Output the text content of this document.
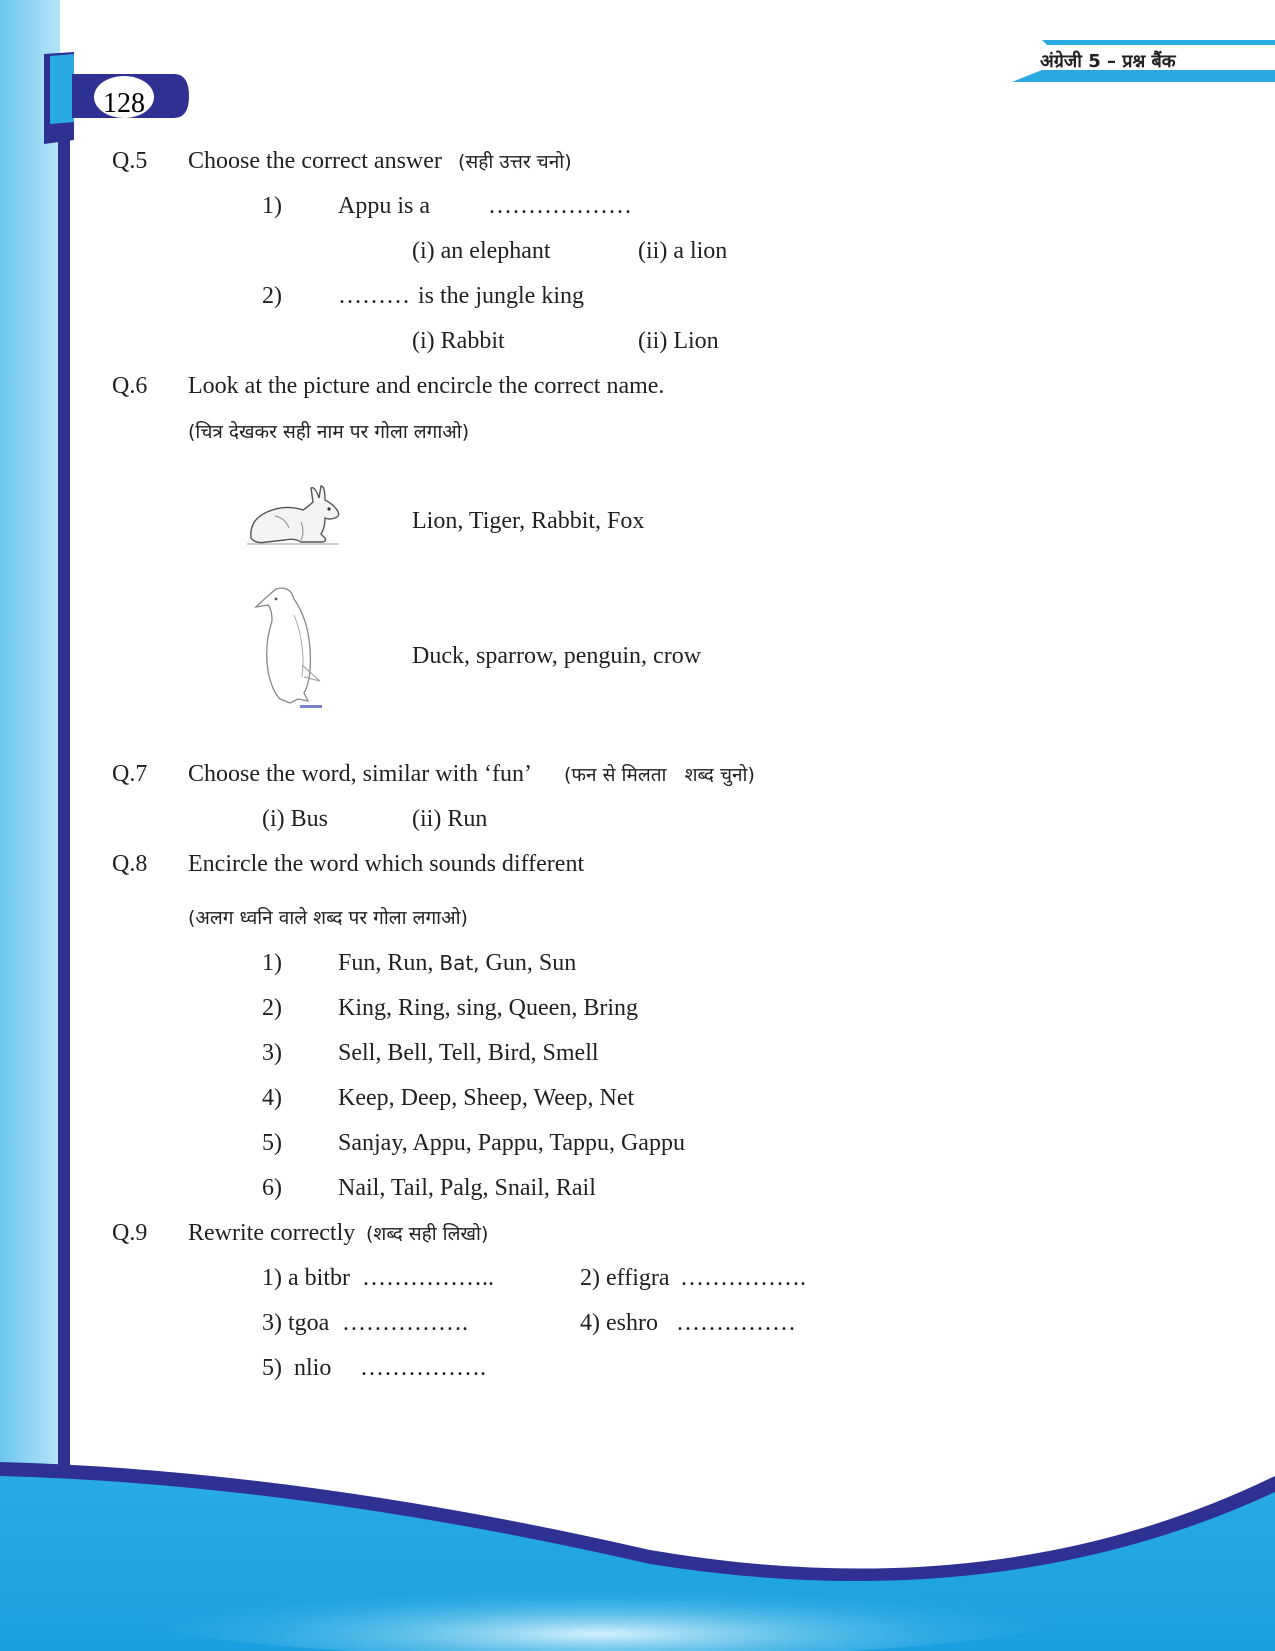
128
अंग्रेजी 5 – प्रश्न बैंक
Q.5 Choose the correct answer (सही उत्तर चनो)
1) Appu is a ………………
(i) an elephant	(ii) a lion
2) ……… is the jungle king
(i) Rabbit	(ii) Lion
Q.6 Look at the picture and encircle the correct name.
(चित्र देखकर सही नाम पर गोला लगाओ)
Lion, Tiger, Rabbit, Fox
Duck, sparrow, penguin, crow
Q.7 Choose the word, similar with ‘fun’ (फन से मिलता   शब्द चुनो)
(i) Bus	(ii) Run
Q.8 Encircle the word which sounds different
(अलग ध्वनि वाले शब्द पर गोला लगाओ)
1) Fun, Run, Bat, Gun, Sun
2) King, Ring, sing, Queen, Bring
3) Sell, Bell, Tell, Bird, Smell
4) Keep, Deep, Sheep, Weep, Net
5) Sanjay, Appu, Pappu, Tappu, Gappu
6) Nail, Tail, Palg, Snail, Rail
Q.9 Rewrite correctly (शब्द सही लिखो)
1) a bitbr ……………..	2) effigra …………….
3) tgoa …………….	4) eshro ……………
5)  nlio …………….
